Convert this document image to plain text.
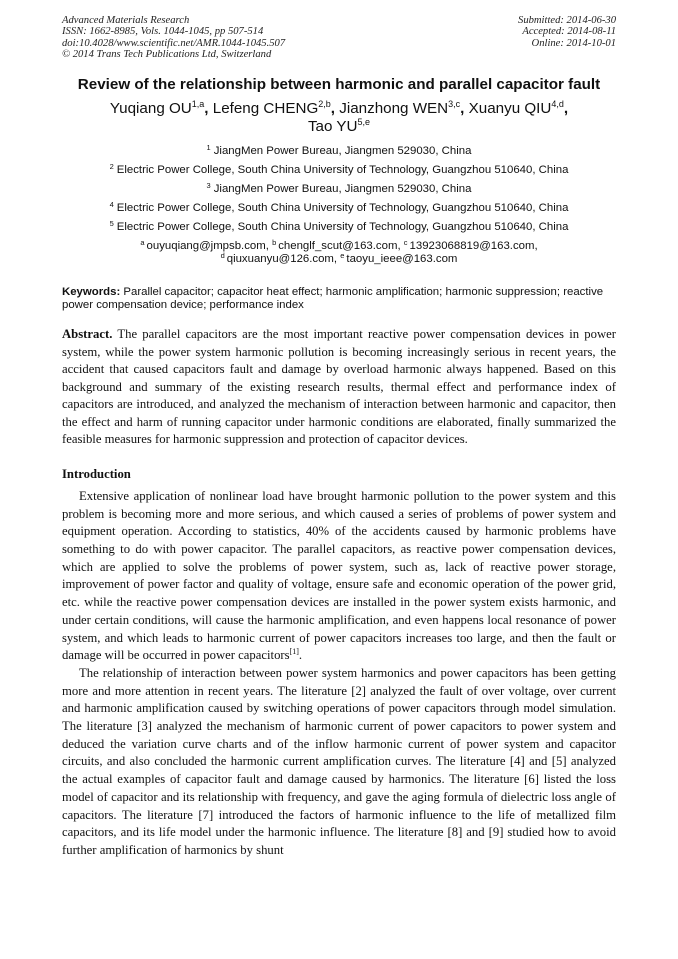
Advanced Materials Research
ISSN: 1662-8985, Vols. 1044-1045, pp 507-514
doi:10.4028/www.scientific.net/AMR.1044-1045.507
© 2014 Trans Tech Publications Ltd, Switzerland
Submitted: 2014-06-30
Accepted: 2014-08-11
Online: 2014-10-01
Review of the relationship between harmonic and parallel capacitor fault
Yuqiang OU$^{1,a}$, Lefeng CHENG$^{2,b}$, Jianzhong WEN$^{3,c}$, Xuanyu QIU$^{4,d}$,
Tao YU$^{5,e}$
$^1$ JiangMen Power Bureau, Jiangmen 529030, China
$^2$ Electric Power College, South China University of Technology, Guangzhou 510640, China
$^3$ JiangMen Power Bureau, Jiangmen 529030, China
$^4$ Electric Power College, South China University of Technology, Guangzhou 510640, China
$^5$ Electric Power College, South China University of Technology, Guangzhou 510640, China
$^a$ ouyuqiang@jmpsb.com, $^b$ chenglf_scut@163.com, $^c$ 13923068819@163.com,
$^d$ qiuxuanyu@126.com, $^e$ taoyu_ieee@163.com
Keywords: Parallel capacitor; capacitor heat effect; harmonic amplification; harmonic suppression; reactive power compensation device; performance index
Abstract. The parallel capacitors are the most important reactive power compensation devices in power system, while the power system harmonic pollution is becoming increasingly serious in recent years, the accident that caused capacitors fault and damage by overload harmonic always happened. Based on this background and summary of the existing research results, thermal effect and performance index of capacitors are introduced, and analyzed the mechanism of interaction between harmonic and capacitor, then the effect and harm of running capacitor under harmonic conditions are elaborated, finally summarized the feasible measures for harmonic suppression and protection of capacitor devices.
Introduction

Extensive application of nonlinear load have brought harmonic pollution to the power system and this problem is becoming more and more serious, and which caused a series of problems of power system and equipment operation. According to statistics, 40% of the accidents caused by harmonic problems have something to do with power capacitor. The parallel capacitors, as reactive power compensation devices, which are applied to solve the problems of power system, such as, lack of reactive power storage, improvement of power factor and quality of voltage, ensure safe and economic operation of the power grid, etc. while the reactive power compensation devices are installed in the power system exists harmonic, and under certain conditions, will cause the harmonic amplification, and even happens local resonance of power system, and which leads to harmonic current of power capacitors increases too large, and then the fault or damage will be occurred in power capacitors[1].

The relationship of interaction between power system harmonics and power capacitors has been getting more and more attention in recent years. The literature [2] analyzed the fault of over voltage, over current and harmonic amplification caused by switching operations of power capacitors through model simulation. The literature [3] analyzed the mechanism of harmonic current of power capacitors to power system and deduced the variation curve charts and of the inflow harmonic current of power system and capacitor circuits, and also concluded the harmonic current amplification curves. The literature [4] and [5] analyzed the actual examples of capacitor fault and damage caused by harmonics. The literature [6] listed the loss model of capacitor and its relationship with frequency, and gave the aging formula of dielectric loss angle of capacitors. The literature [7] introduced the factors of harmonic influence to the life of metallized film capacitors, and its life model under the harmonic influence. The literature [8] and [9] studied how to avoid further amplification of harmonics by shunt
